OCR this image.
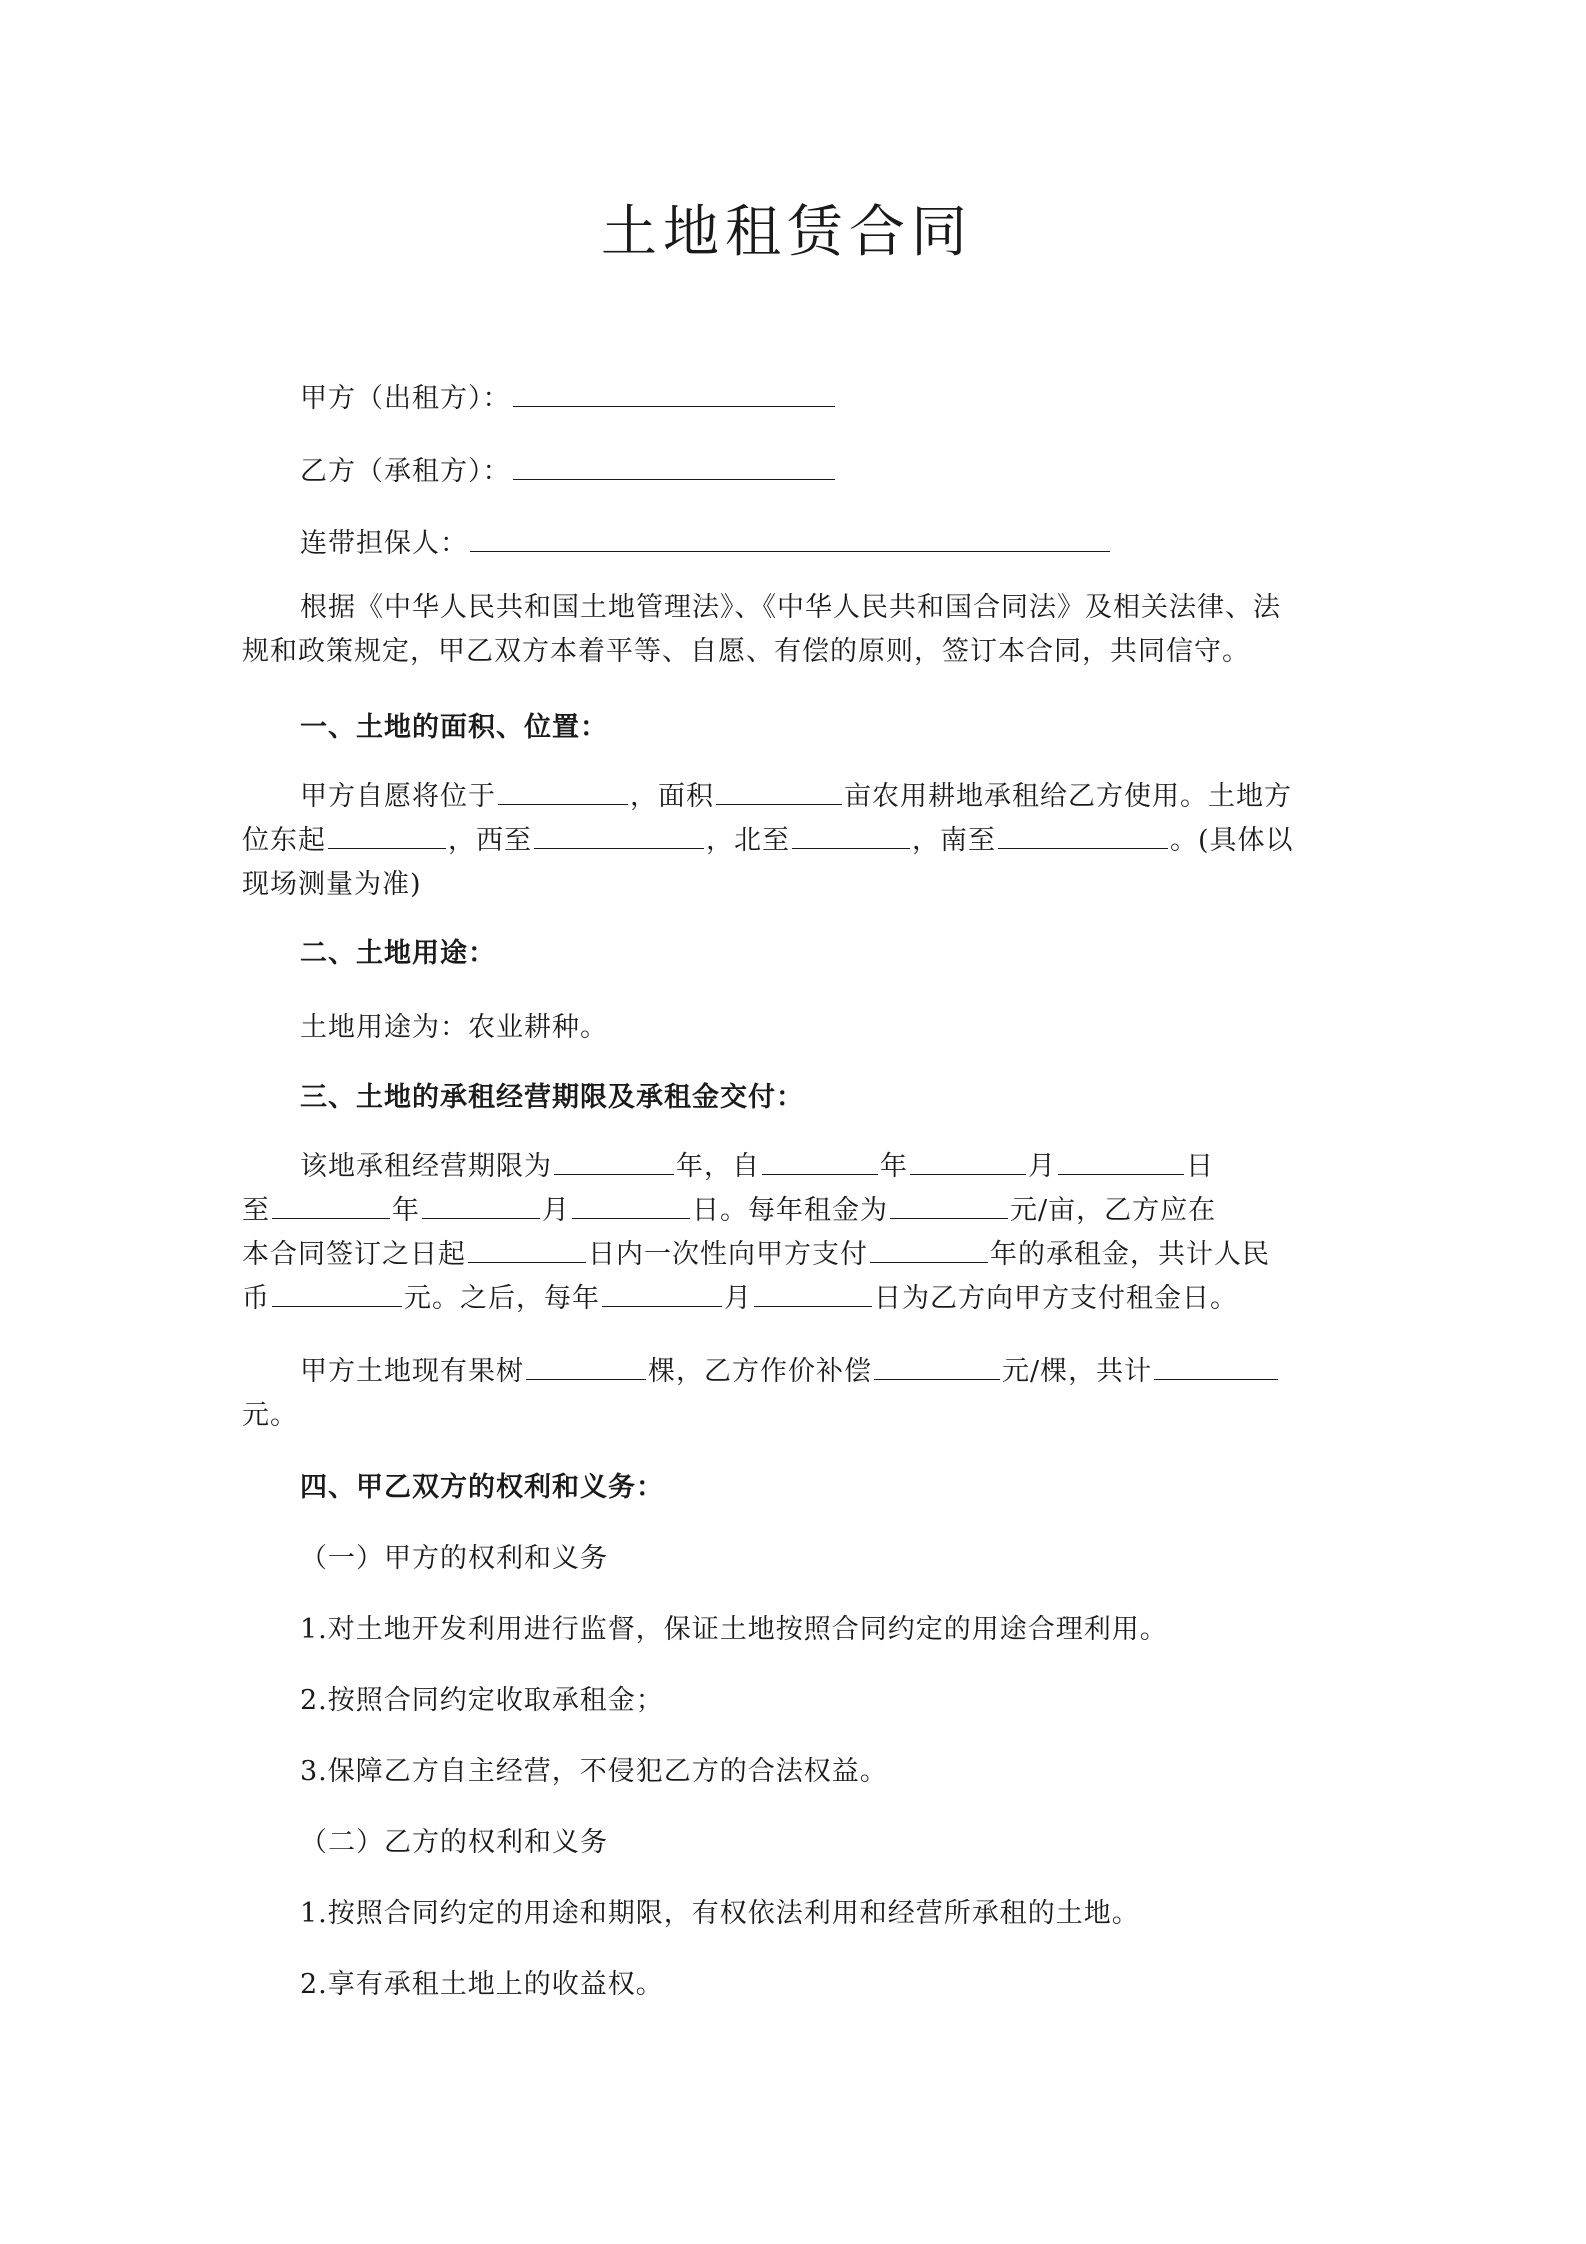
土地租赁合同
甲方（出租方）：
乙方（承租方）：
连带担保人：
根据《中华人民共和国土地管理法》、《中华人民共和国合同法》及相关法律、法
规和政策规定，甲乙双方本着平等、自愿、有偿的原则，签订本合同，共同信守。
一、土地的面积、位置：
甲方自愿将位于	，面积	亩农用耕地承租给乙方使用。土地方
位东起	，西至	，北至	，南至	。(具体以
现场测量为准)
二、土地用途：
土地用途为：农业耕种。
三、土地的承租经营期限及承租金交付：
该地承租经营期限为	年，自	年	月	日
至	年	月	日。每年租金为	元/亩，乙方应在
本合同签订之日起	日内一次性向甲方支付	年的承租金，共计人民
币	元。之后，每年	月	日为乙方向甲方支付租金日。
甲方土地现有果树	棵，乙方作价补偿	元/棵，共计
元。
四、甲乙双方的权利和义务：
（一）甲方的权利和义务
1.对土地开发利用进行监督，保证土地按照合同约定的用途合理利用。
2.按照合同约定收取承租金；
3.保障乙方自主经营，不侵犯乙方的合法权益。
（二）乙方的权利和义务
1.按照合同约定的用途和期限，有权依法利用和经营所承租的土地。
2.享有承租土地上的收益权。
